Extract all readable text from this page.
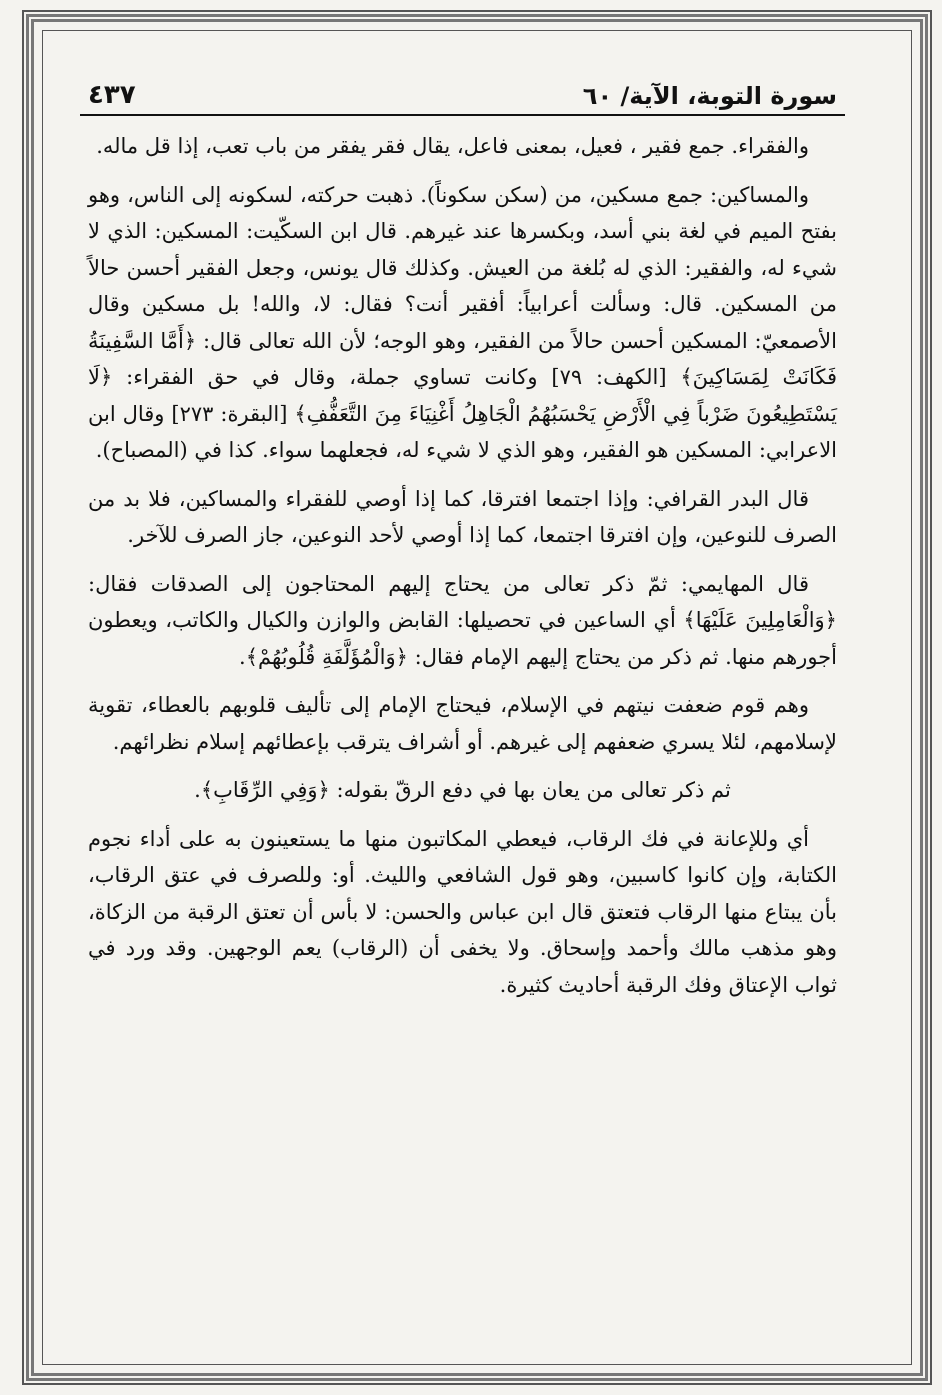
سورة التوبة، الآية/ ٦٠
٤٣٧

والفقراء. جمع فقير ، فعيل، بمعنى فاعل، يقال فقر يفقر من باب تعب، إذا قل ماله.

والمساكين: جمع مسكين، من (سكن سكوناً). ذهبت حركته، لسكونه إلى الناس، وهو بفتح الميم في لغة بني أسد، وبكسرها عند غيرهم. قال ابن السكّيت: المسكين: الذي لا شيء له، والفقير: الذي له بُلغة من العيش. وكذلك قال يونس، وجعل الفقير أحسن حالاً من المسكين. قال: وسألت أعرابياً: أفقير أنت؟ فقال: لا، والله! بل مسكين وقال الأصمعيّ: المسكين أحسن حالاً من الفقير، وهو الوجه؛ لأن الله تعالى قال: ﴿أَمَّا السَّفِينَةُ فَكَانَتْ لِمَسَاكِينَ﴾ [الكهف: ٧٩] وكانت تساوي جملة، وقال في حق الفقراء: ﴿لَا يَسْتَطِيعُونَ ضَرْباً فِي الْأَرْضِ يَحْسَبُهُمُ الْجَاهِلُ أَغْنِيَاءَ مِنَ التَّعَفُّفِ﴾ [البقرة: ٢٧٣] وقال ابن الاعرابي: المسكين هو الفقير، وهو الذي لا شيء له، فجعلهما سواء. كذا في (المصباح).

قال البدر القرافي: وإذا اجتمعا افترقا، كما إذا أوصي للفقراء والمساكين، فلا بد من الصرف للنوعين، وإن افترقا اجتمعا، كما إذا أوصي لأحد النوعين، جاز الصرف للآخر.

قال المهايمي: ثمّ ذكر تعالى من يحتاج إليهم المحتاجون إلى الصدقات فقال: ﴿وَالْعَامِلِينَ عَلَيْهَا﴾ أي الساعين في تحصيلها: القابض والوازن والكيال والكاتب، ويعطون أجورهم منها. ثم ذكر من يحتاج إليهم الإمام فقال: ﴿وَالْمُؤَلَّفَةِ قُلُوبُهُمْ﴾.

وهم قوم ضعفت نيتهم في الإسلام، فيحتاج الإمام إلى تأليف قلوبهم بالعطاء، تقوية لإسلامهم، لئلا يسري ضعفهم إلى غيرهم. أو أشراف يترقب بإعطائهم إسلام نظرائهم.

ثم ذكر تعالى من يعان بها في دفع الرقّ بقوله: ﴿وَفِي الرِّقَابِ﴾.

أي وللإعانة في فك الرقاب، فيعطي المكاتبون منها ما يستعينون به على أداء نجوم الكتابة، وإن كانوا كاسبين، وهو قول الشافعي والليث. أو: وللصرف في عتق الرقاب، بأن يبتاع منها الرقاب فتعتق قال ابن عباس والحسن: لا بأس أن تعتق الرقبة من الزكاة، وهو مذهب مالك وأحمد وإسحاق. ولا يخفى أن (الرقاب) يعم الوجهين. وقد ورد في ثواب الإعتاق وفك الرقبة أحاديث كثيرة.
